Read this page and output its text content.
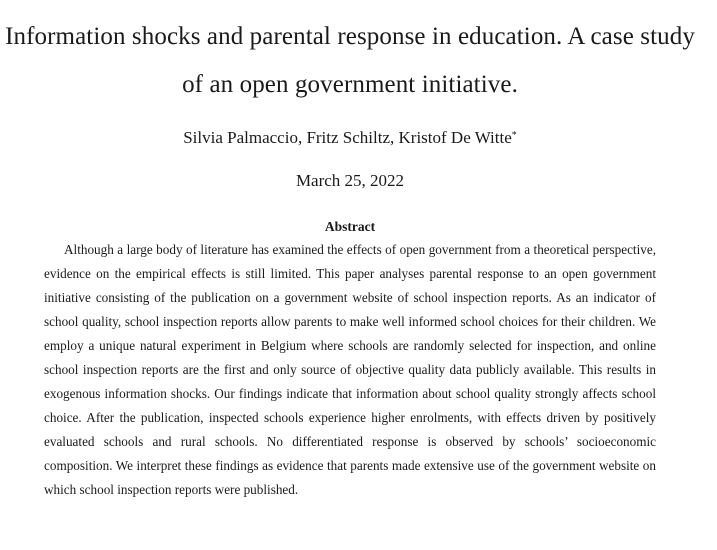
Information shocks and parental response in education. A case study of an open government initiative.
Silvia Palmaccio, Fritz Schiltz, Kristof De Witte*
March 25, 2022
Abstract

Although a large body of literature has examined the effects of open government from a theoretical perspective, evidence on the empirical effects is still limited. This paper analyses parental response to an open government initiative consisting of the publication on a government website of school inspection reports. As an indicator of school quality, school inspection reports allow parents to make well informed school choices for their children. We employ a unique natural experiment in Belgium where schools are randomly selected for inspection, and online school inspection reports are the first and only source of objective quality data publicly available. This results in exogenous information shocks. Our findings indicate that information about school quality strongly affects school choice. After the publication, inspected schools experience higher enrolments, with effects driven by positively evaluated schools and rural schools. No differentiated response is observed by schools’ socioeconomic composition. We interpret these findings as evidence that parents made extensive use of the government website on which school inspection reports were published.
